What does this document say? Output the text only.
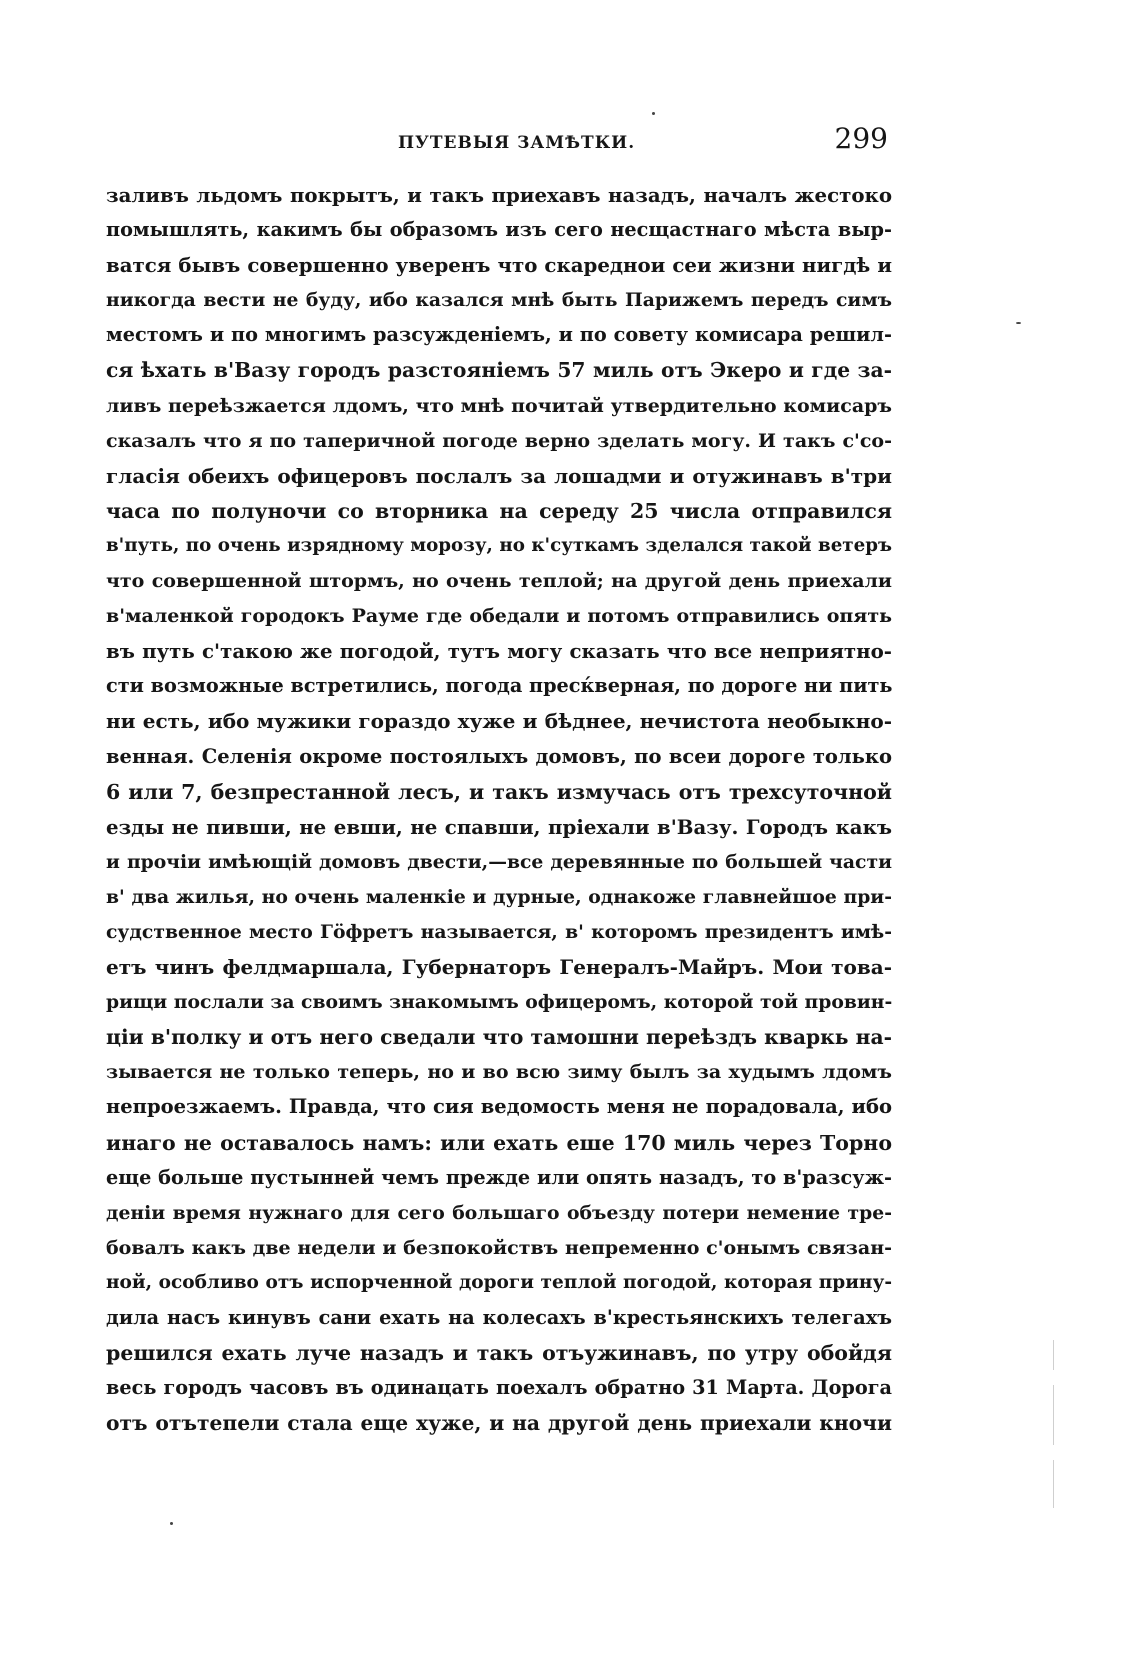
ПУТЕВЫЯ ЗАМѢТКИ.	299
заливъ льдомъ покрытъ, и такъ приехавъ назадъ, началъ жестоко
помышлять, какимъ бы образомъ изъ сего несщастнаго мѣста выр-
ватся бывъ совершенно уверенъ что скареднои сеи жизни нигдѣ и
никогда вести не буду, ибо казался мнѣ быть Парижемъ передъ симъ
местомъ и по многимъ разсужденіемъ, и по совету комисара решил-
ся ѣхать в'Вазу городъ разстояніемъ 57 миль отъ Экеро и где за-
ливъ переѣзжается лдомъ, что мнѣ почитай утвердительно комисаръ
сказалъ что я по таперичной погоде верно зделать могу. И такъ с'со-
гласія обеихъ офицеровъ послалъ за лошадми и отужинавъ в'три
часа по полуночи со вторника на середу 25 числа отправился
в'путь, по очень изрядному морозу, но к'суткамъ зделался такой ветеръ
что совершенной штормъ, но очень теплой; на другой день приехали
в'маленкой городокъ Рауме где обедали и потомъ отправились опять
въ путь с'такою же погодой, тутъ могу сказать что все неприятно-
сти возможные встретились, погода пресќверная, по дороге ни пить
ни есть, ибо мужики гораздо хуже и бѣднее, нечистота необыкно-
венная. Селенія окроме постоялыхъ домовъ, по всеи дороге только
6 или 7, безпрестанной лесъ, и такъ измучась отъ трехсуточной
езды не пивши, не евши, не спавши, пріехали в'Вазу. Городъ какъ
и прочіи имѣющій домовъ двести,—все деревянные по большей части
в' два жилья, но очень маленкіе и дурные, однакоже главнейшое при-
судственное место Гöфретъ называется, в' которомъ президентъ имѣ-
етъ чинъ фелдмаршала, Губернаторъ Генералъ-Майръ. Мои това-
рищи послали за своимъ знакомымъ офицеромъ, которой той провин-
ціи в'полку и отъ него сведали что тамошни переѣздъ кваркь на-
зывается не только теперь, но и во всю зиму былъ за худымъ лдомъ
непроезжаемъ. Правда, что сия ведомость меня не порадовала, ибо
инаго не оставалось намъ: или ехать еше 170 миль через Торно
еще больше пустынней чемъ прежде или опять назадъ, то в'разсуж-
деніи время нужнаго для сего большаго объезду потери немение тре-
бовалъ какъ две недели и безпокойствъ непременно с'онымъ связан-
ной, особливо отъ испорченной дороги теплой погодой, которая прину-
дила насъ кинувъ сани ехать на колесахъ в'крестьянскихъ телегахъ
решился ехать луче назадъ и такъ отъужинавъ, по утру обойдя
весь городъ часовъ въ одинацать поехалъ обратно 31 Марта. Дорога
отъ отътепели стала еще хуже, и на другой день приехали кночи
